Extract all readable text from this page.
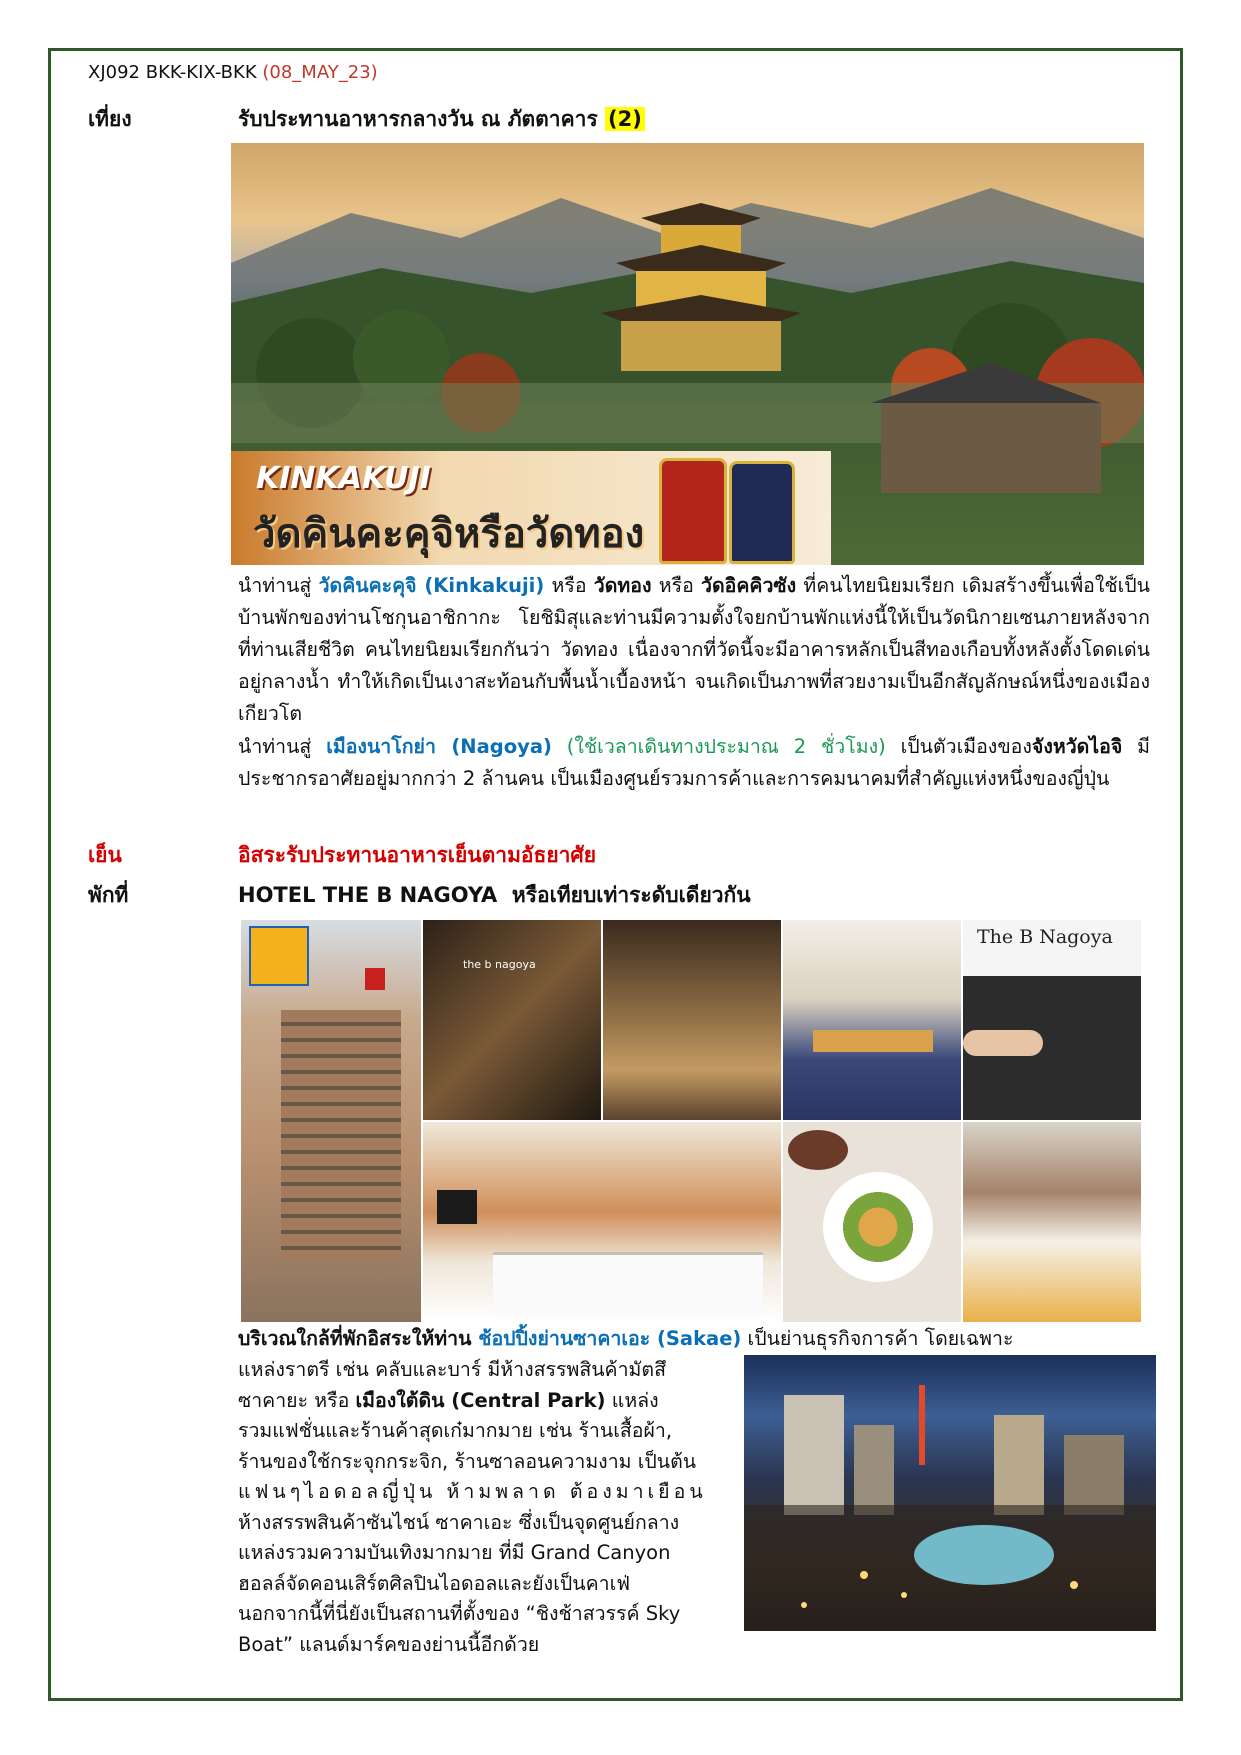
XJ092 BKK-KIX-BKK (08_MAY_23)
เที่ยง	รับประทานอาหารกลางวัน ณ ภัตตาคาร (2)
KINKAKUJI
วัดคินคะคุจิหรือวัดทอง
นำท่านสู่ วัดคินคะคุจิ (Kinkakuji) หรือ วัดทอง หรือ วัดอิคคิวซัง ที่คนไทยนิยมเรียก เดิมสร้างขึ้นเพื่อใช้เป็นบ้านพักของท่านโชกุนอาชิกากะ โยชิมิสุและท่านมีความตั้งใจยกบ้านพักแห่งนี้ให้เป็นวัดนิกายเซนภายหลังจากที่ท่านเสียชีวิต คนไทยนิยมเรียกกันว่า วัดทอง เนื่องจากที่วัดนี้จะมีอาคารหลักเป็นสีทองเกือบทั้งหลังตั้งโดดเด่นอยู่กลางน้ำ ทำให้เกิดเป็นเงาสะท้อนกับพื้นน้ำเบื้องหน้า จนเกิดเป็นภาพที่สวยงามเป็นอีกสัญลักษณ์หนึ่งของเมืองเกียวโต
นำท่านสู่ เมืองนาโกย่า (Nagoya) (ใช้เวลาเดินทางประมาณ 2 ชั่วโมง) เป็นตัวเมืองของจังหวัดไอจิ มีประชากรอาศัยอยู่มากกว่า 2 ล้านคน เป็นเมืองศูนย์รวมการค้าและการคมนาคมที่สำคัญแห่งหนึ่งของญี่ปุ่น
เย็น	อิสระรับประทานอาหารเย็นตามอัธยาศัย
พักที่	HOTEL THE B NAGOYA  หรือเทียบเท่าระดับเดียวกัน
the b nagoya
The B Nagoya
บริเวณใกล้ที่พักอิสระให้ท่าน ช้อปปิ้งย่านซาคาเอะ (Sakae) เป็นย่านธุรกิจการค้า โดยเฉพาะ
แหล่งราตรี เช่น คลับและบาร์ มีห้างสรรพสินค้ามัตสึ
ซาคายะ หรือ เมืองใต้ดิน (Central Park) แหล่ง
รวมแฟชั่นและร้านค้าสุดเก๋มากมาย เช่น ร้านเสื้อผ้า,
ร้านของใช้กระจุกกระจิก, ร้านซาลอนความงาม เป็นต้น
แฟนๆไอดอลญี่ปุ่น ห้ามพลาด ต้องมาเยือน
ห้างสรรพสินค้าซันไชน์ ซาคาเอะ ซึ่งเป็นจุดศูนย์กลาง
แหล่งรวมความบันเทิงมากมาย ที่มี Grand Canyon
ฮอลล์จัดคอนเสิร์ตศิลปินไอดอลและยังเป็นคาเฟ่
นอกจากนี้ที่นี่ยังเป็นสถานที่ตั้งของ “ชิงช้าสวรรค์ Sky
Boat” แลนด์มาร์คของย่านนี้อีกด้วย
